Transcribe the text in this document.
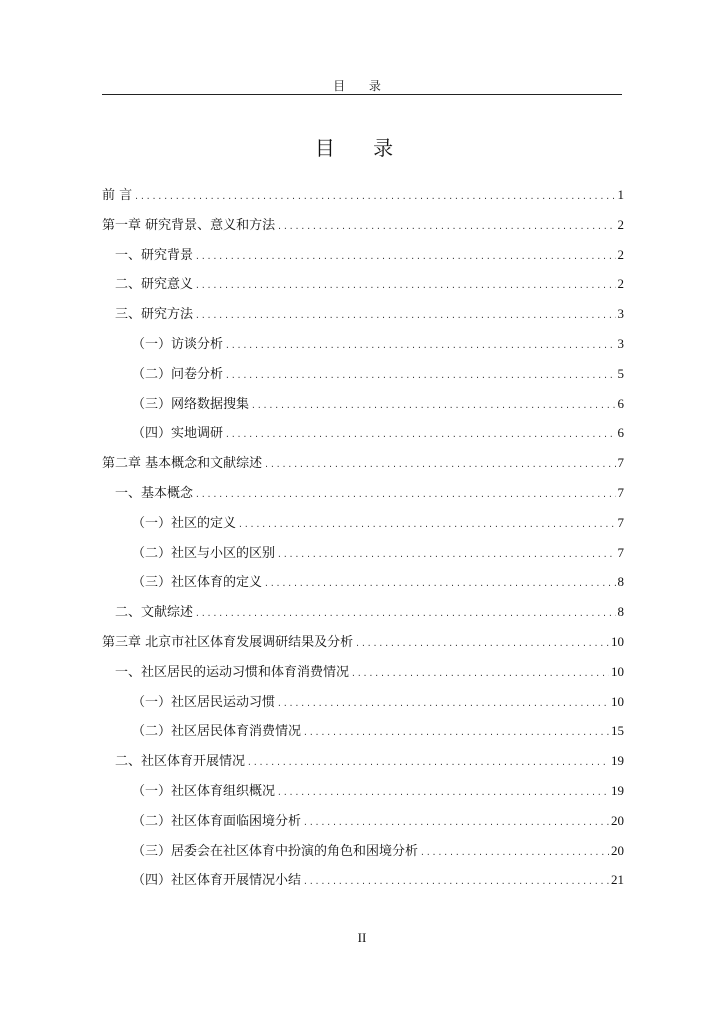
目 录
目 录
前 言 .....	1
第一章 研究背景、意义和方法 .....	2
一、研究背景 .....	2
二、研究意义 .....	2
三、研究方法 .....	3
（一）访谈分析 .....	3
（二）问卷分析 .....	5
（三）网络数据搜集 .....	6
（四）实地调研 .....	6
第二章 基本概念和文献综述 .....	7
一、基本概念 .....	7
（一）社区的定义 .....	7
（二）社区与小区的区别 .....	7
（三）社区体育的定义 .....	8
二、文献综述 .....	8
第三章 北京市社区体育发展调研结果及分析 .....	10
一、社区居民的运动习惯和体育消费情况 .....	10
（一）社区居民运动习惯 .....	10
（二）社区居民体育消费情况 .....	15
二、社区体育开展情况 .....	19
（一）社区体育组织概况 .....	19
（二）社区体育面临困境分析 .....	20
（三）居委会在社区体育中扮演的角色和困境分析 .....	20
（四）社区体育开展情况小结 .....	21
II
